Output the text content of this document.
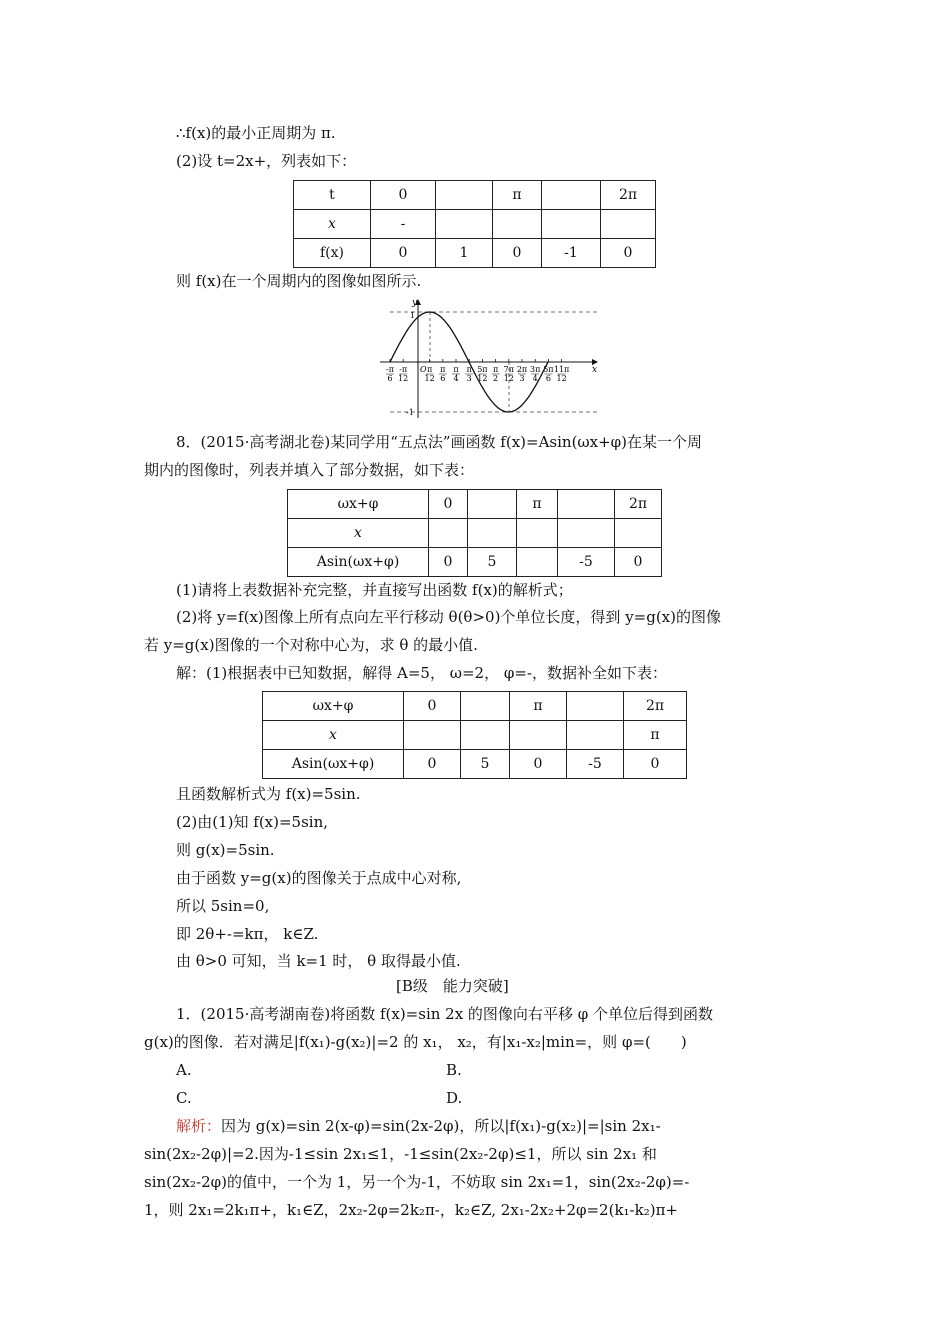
∴f(x)的最小正周期为 π.
(2)设 t=2x+，列表如下：
t	0		π		2π
x	-				
f(x)	0	1	0	-1	0
则 f(x)在一个周期内的图像如图所示.
-π
6
-π
12
π
12
π
6
π
4
π
3
5π
12
π
2
7π
12
2π
3
3π
4
5π
6
11π
12
y
x
O
1
-1
8．(2015·高考湖北卷)某同学用“五点法”画函数 f(x)=Asin(ωx+φ)在某一个周
期内的图像时，列表并填入了部分数据，如下表：
ωx+φ	0		π		2π
x					
Asin(ωx+φ)	0	5		-5	0
(1)请将上表数据补充完整，并直接写出函数 f(x)的解析式；
(2)将 y=f(x)图像上所有点向左平行移动 θ(θ>0)个单位长度，得到 y=g(x)的图像
若 y=g(x)图像的一个对称中心为，求 θ 的最小值.
解：(1)根据表中已知数据，解得 A=5， ω=2， φ=-，数据补全如下表：
ωx+φ	0		π		2π
x					π
Asin(ωx+φ)	0	5	0	-5	0
且函数解析式为 f(x)=5sin.
(2)由(1)知 f(x)=5sin,
则 g(x)=5sin.
由于函数 y=g(x)的图像关于点成中心对称,
所以 5sin=0,
即 2θ+-=kπ， k∈Z.
由 θ>0 可知，当 k=1 时， θ 取得最小值.
[B级　能力突破]
1．(2015·高考湖南卷)将函数 f(x)=sin 2x 的图像向右平移 φ 个单位后得到函数
g(x)的图像．若对满足|f(x₁)-g(x₂)|=2 的 x₁， x₂，有|x₁-x₂|min=，则 φ=(　　)
A.	B.
C.	D.
解析：因为 g(x)=sin 2(x-φ)=sin(2x-2φ)，所以|f(x₁)-g(x₂)|=|sin 2x₁-
sin(2x₂-2φ)|=2.因为-1≤sin 2x₁≤1，-1≤sin(2x₂-2φ)≤1，所以 sin 2x₁ 和
sin(2x₂-2φ)的值中，一个为 1，另一个为-1，不妨取 sin 2x₁=1，sin(2x₂-2φ)=-
1，则 2x₁=2k₁π+，k₁∈Z，2x₂-2φ=2k₂π-，k₂∈Z, 2x₁-2x₂+2φ=2(k₁-k₂)π+
